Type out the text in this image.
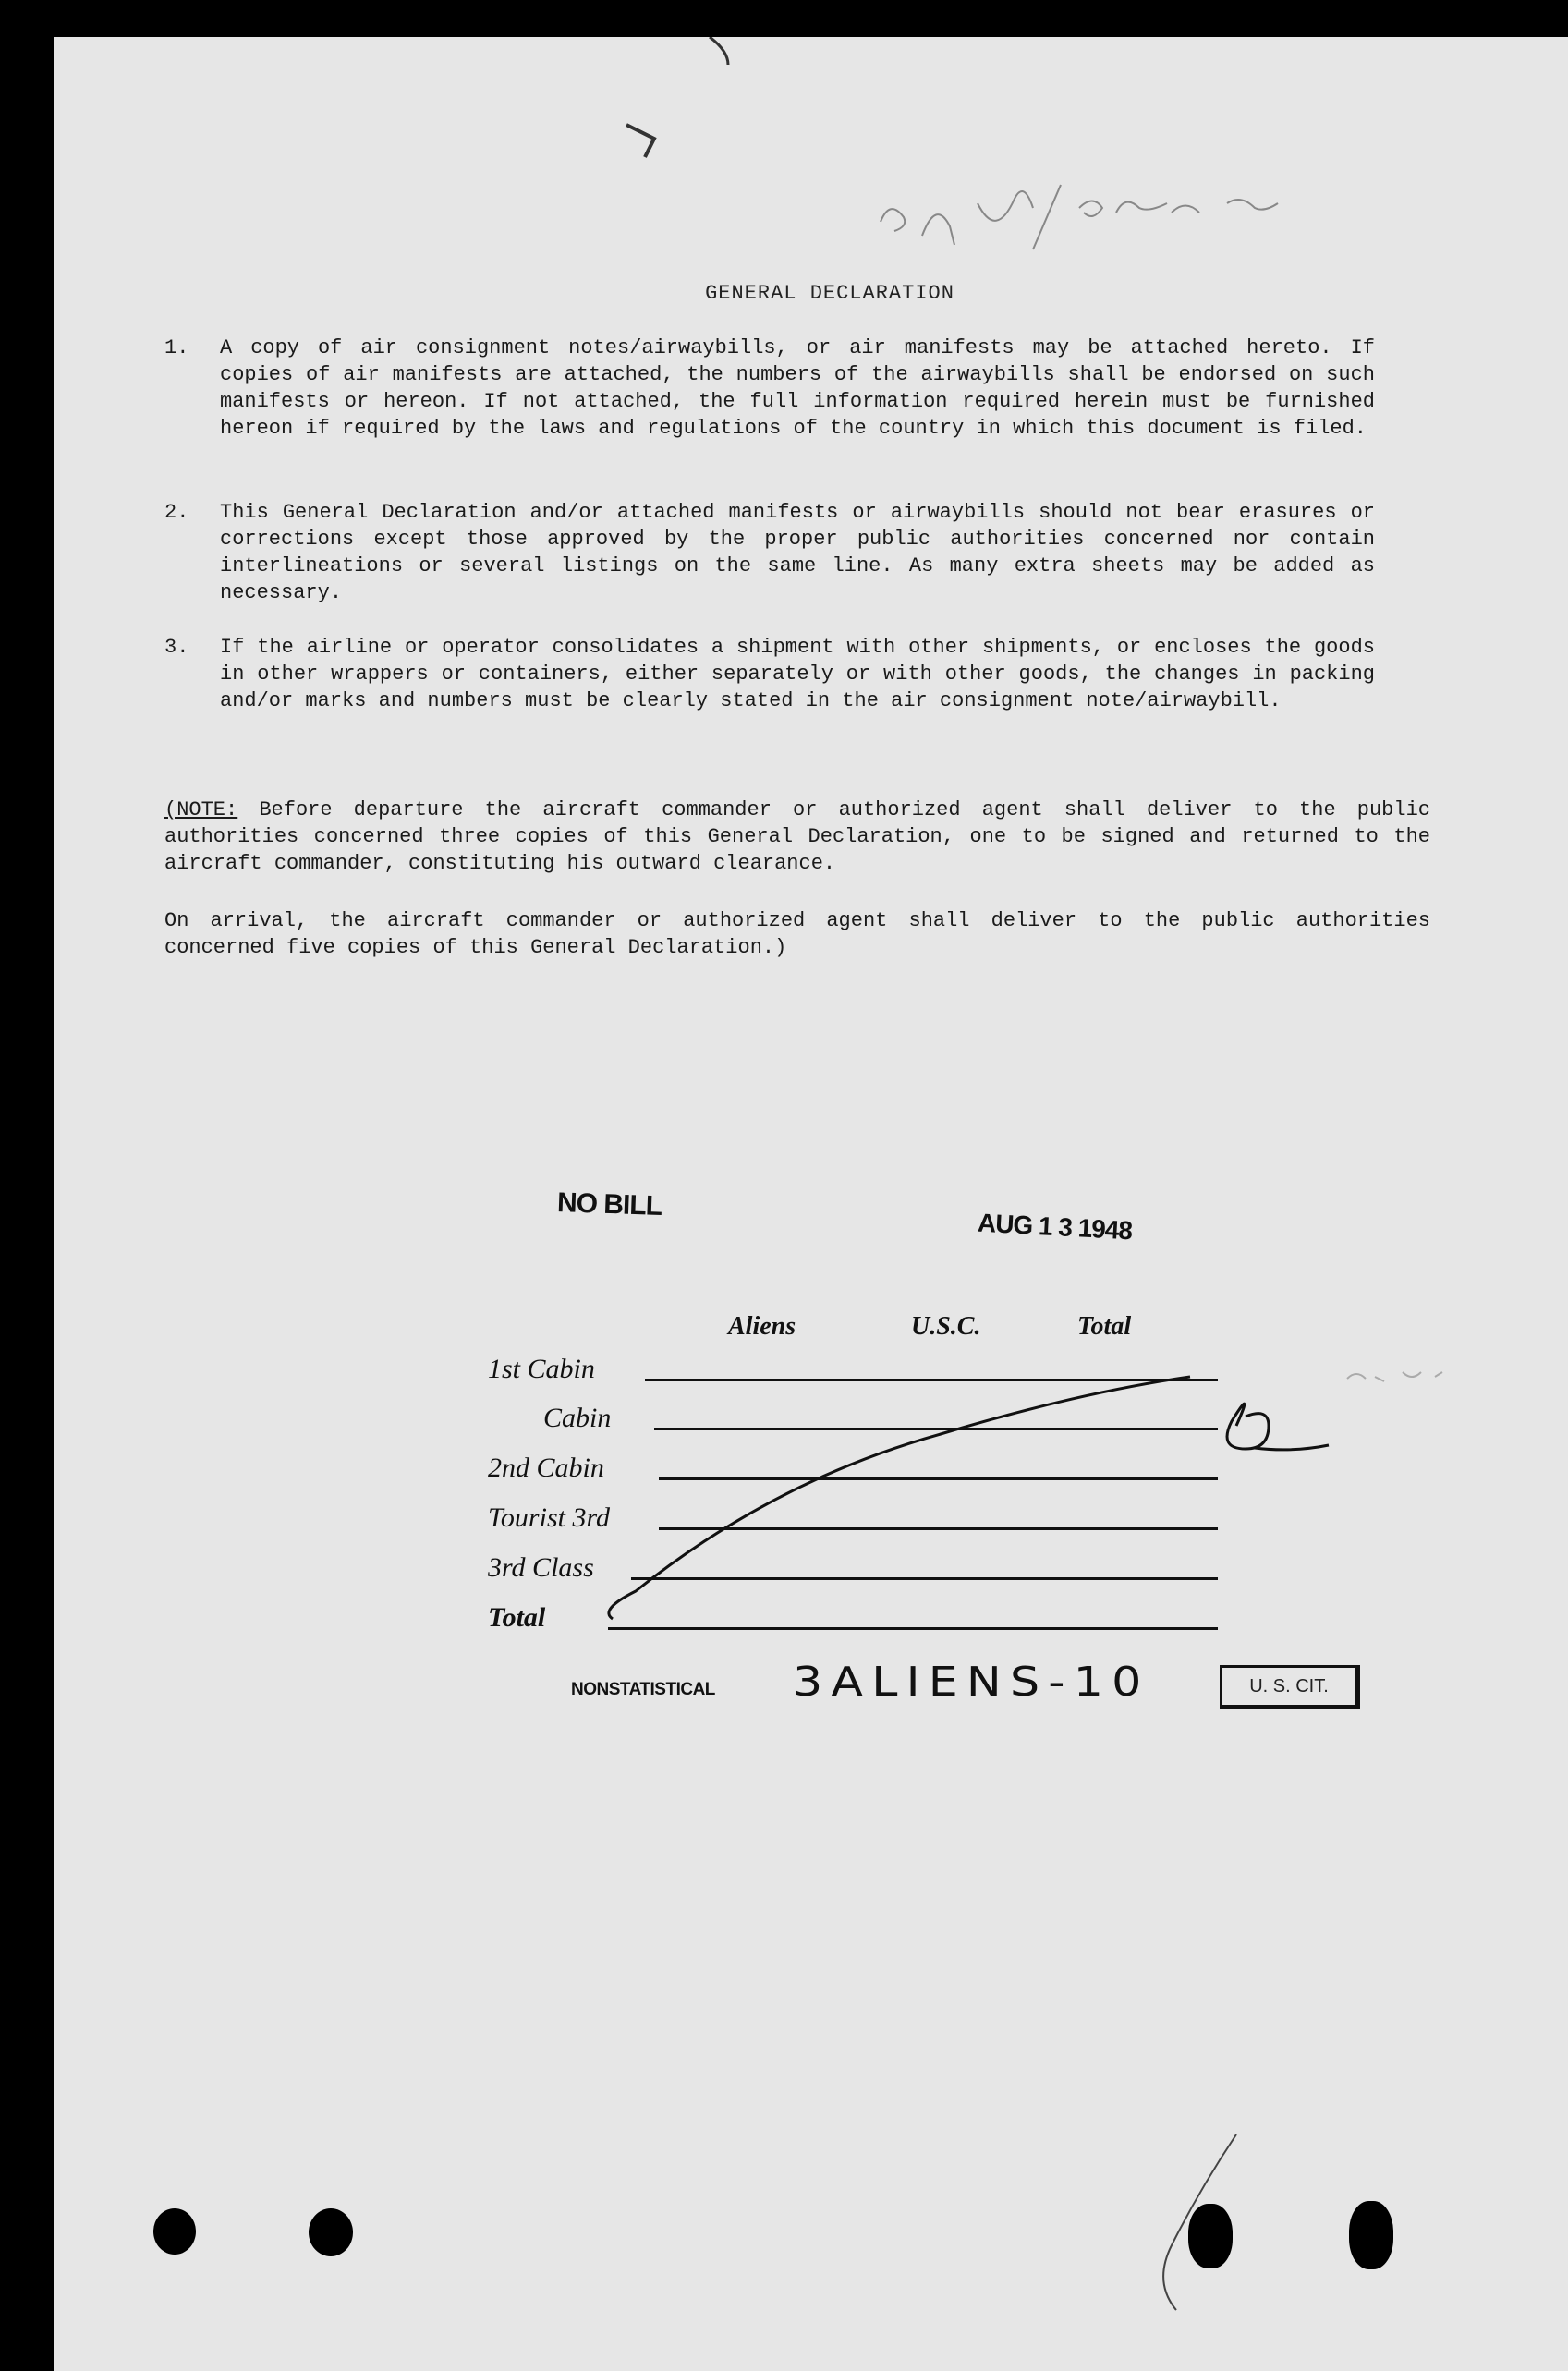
GENERAL DECLARATION
1. A copy of air consignment notes/airwaybills, or air manifests may be attached hereto. If copies of air manifests are attached, the numbers of the airwaybills shall be endorsed on such manifests or hereon. If not attached, the full information required herein must be furnished hereon if required by the laws and regulations of the country in which this document is filed.
2. This General Declaration and/or attached manifests or airwaybills should not bear erasures or corrections except those approved by the proper public authorities concerned nor contain interlineations or several listings on the same line. As many extra sheets may be added as necessary.
3. If the airline or operator consolidates a shipment with other shipments, or encloses the goods in other wrappers or containers, either separately or with other goods, the changes in packing and/or marks and numbers must be clearly stated in the air consignment note/airwaybill.
(NOTE: Before departure the aircraft commander or authorized agent shall deliver to the public authorities concerned three copies of this General Declaration, one to be signed and returned to the aircraft commander, constituting his outward clearance.
On arrival, the aircraft commander or authorized agent shall deliver to the public authorities concerned five copies of this General Declaration.)
NO BILL
AUG 1 3 1948
Aliens	U.S.C.	Total
1st Cabin
Cabin
2nd Cabin
Tourist 3rd
3rd Class
Total
NONSTATISTICAL 3ALIENS-10	U. S. CIT.
